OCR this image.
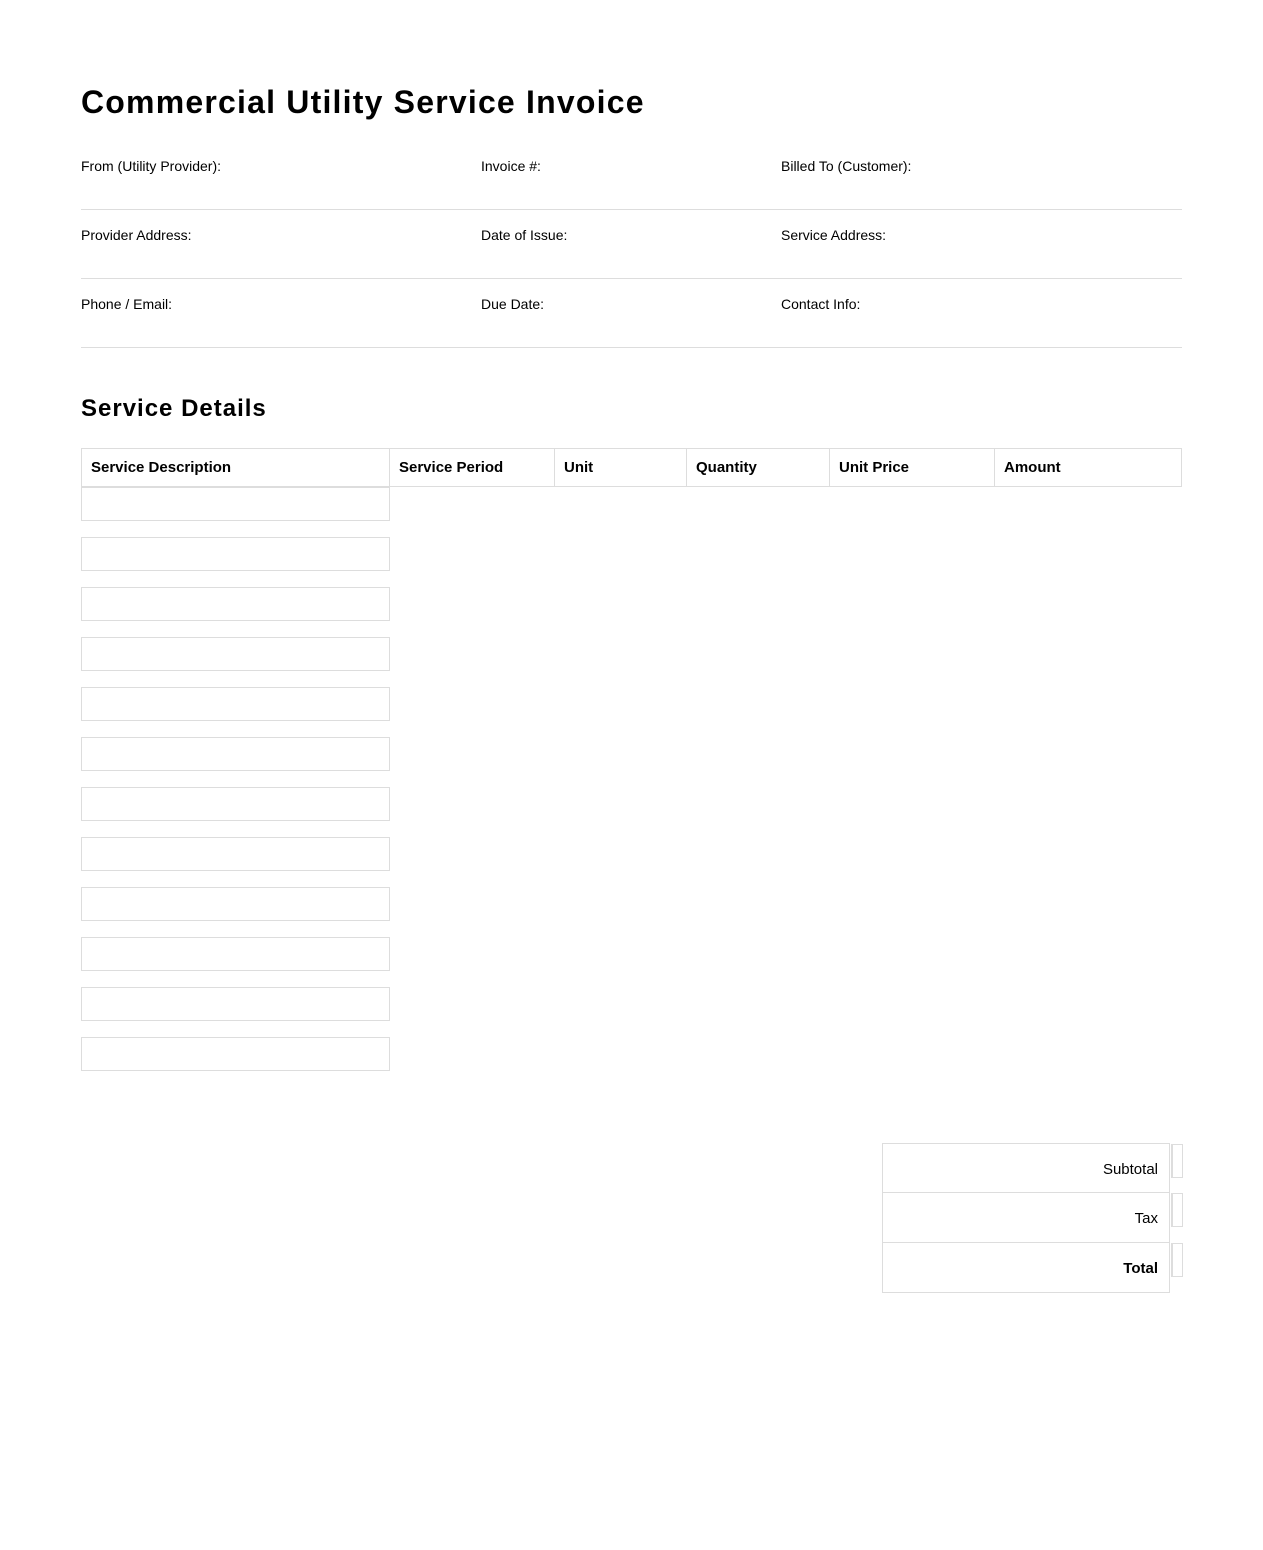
Commercial Utility Service Invoice
From (Utility Provider):	Invoice #:	Billed To (Customer):
Provider Address:	Date of Issue:	Service Address:
Phone / Email:	Due Date:	Contact Info:
Service Details
Service Description	Service Period	Unit	Quantity	Unit Price	Amount
Subtotal
Tax
Total
